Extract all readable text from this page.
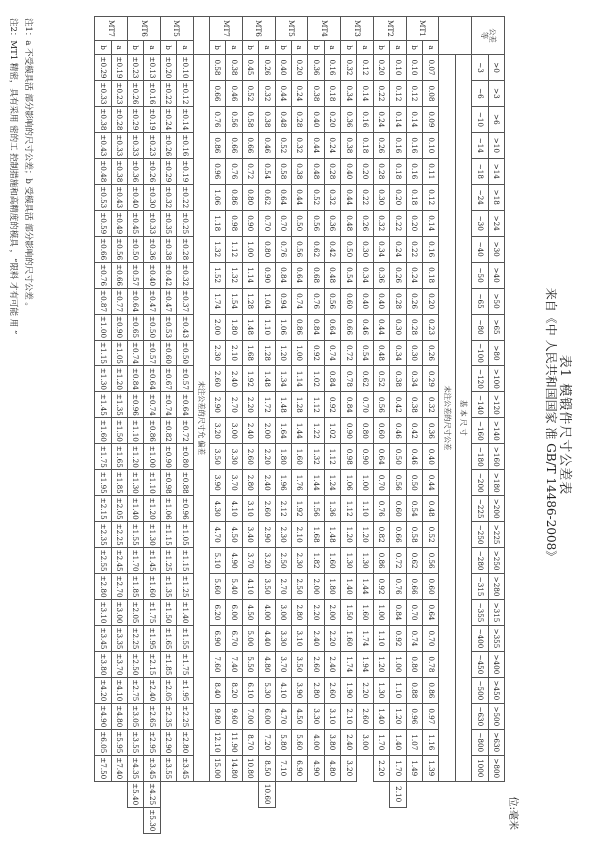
表1 模锻件尺寸公差表
来自《中 人民共和国国家 准 GB/T 14486-2008》
位:毫米
公差
等		>0	>3	>6	>10	>14	>18	>24	>30	>40	>50	>65	>80	>100	>120	>140	>160	>180	>200	>225	>250	>280	>315	>355	>400	>450	>500	>630	>800		
		~3	~6	~10	~14	~18	~24	~30	~40	~50	~65	~80	~100	~120	~140	~160	~180	~200	~225	~250	~280	~315	~355	~400	~450	~500	~630	~800	1000		
		基 本 尺 寸																													
		未注公差的尺寸公差																													
MT1	a	0.07	0.08	0.09	0.10	0.11	0.12	0.14	0.16	0.18	0.20	0.23	0.26	0.29	0.32	0.36	0.40	0.44	0.48	0.52	0.56	0.60	0.64	0.70	0.78	0.86	0.97	1.16	1.39		
	b	0.10	0.12	0.14	0.16	0.16	0.18	0.20	0.22	0.24	0.26	0.28	0.30	0.34	0.38	0.42	0.46	0.50	0.54	0.58	0.62	0.66	0.70	0.74	0.80	0.88	0.96	1.07	1.49		
MT2	a	0.10	0.12	0.14	0.16	0.18	0.20	0.22	0.24	0.26	0.28	0.30	0.34	0.38	0.42	0.46	0.50	0.56	0.60	0.66	0.72	0.76	0.84	0.92	1.00	1.10	1.20	1.40	1.70	2.10	
	b	0.20	0.22	0.24	0.26	0.28	0.30	0.32	0.34	0.36	0.40	0.44	0.48	0.52	0.56	0.60	0.64	0.70	0.76	0.82	0.86	0.92	1.00	1.10	1.20	1.30	1.40	1.70	2.20		
MT3	a	0.12	0.14	0.16	0.18	0.20	0.22	0.26	0.30	0.34	0.40	0.46	0.54	0.62	0.70	0.80	0.90	1.00	1.10	1.20	1.30	1.44	1.60	1.74	1.94	2.20	2.60	3.00			
	b	0.32	0.34	0.36	0.38	0.40	0.44	0.48	0.50	0.54	0.60	0.66	0.72	0.78	0.84	0.90	0.98	1.06	1.12	1.20	1.30	1.40	1.50	1.60	1.74	1.90	2.10	2.40	3.20		
MT4	a	0.16	0.18	0.20	0.24	0.28	0.32	0.36	0.42	0.48	0.56	0.64	0.74	0.84	0.92	1.02	1.12	1.24	1.36	1.48	1.60	1.80	2.00	2.20	2.40	2.60	3.10	3.80	4.80		
	b	0.36	0.38	0.40	0.44	0.48	0.52	0.56	0.62	0.68	0.76	0.84	0.92	1.02	1.12	1.22	1.32	1.44	1.56	1.68	1.82	2.00	2.20	2.40	2.60	2.80	3.30	4.00	4.90		
MT5	a	0.20	0.24	0.28	0.32	0.38	0.44	0.50	0.56	0.64	0.74	0.86	1.00	1.14	1.28	1.44	1.60	1.76	1.92	2.10	2.30	2.50	2.80	3.10	3.50	3.90	4.50	5.60	6.90		
	b	0.40	0.44	0.48	0.52	0.58	0.64	0.70	0.76	0.84	0.94	1.06	1.20	1.34	1.48	1.64	1.80	1.96	2.12	2.30	2.50	2.70	3.00	3.30	3.70	4.10	4.70	5.80	7.10		
MT6	a	0.26	0.32	0.38	0.46	0.54	0.62	0.70	0.80	0.90	1.04	1.10	1.28	1.48	1.72	2.00	2.20	2.40	2.60	2.90	3.20	3.50	4.00	4.40	4.80	5.30	6.00	7.20	8.50	10.60	
	b	0.45	0.52	0.58	0.66	0.72	0.80	0.90	1.00	1.14	1.28	1.48	1.68	1.92	2.20	2.40	2.60	2.80	3.10	3.40	3.70	4.10	4.50	5.00	5.50	6.10	7.00	8.70	10.80		
MT7	a	0.38	0.46	0.56	0.66	0.76	0.86	0.98	1.12	1.32	1.54	1.80	2.10	2.40	2.70	3.00	3.30	3.70	4.10	4.50	4.90	5.40	6.00	6.70	7.40	8.20	9.60	11.90	14.80		
	b	0.58	0.66	0.76	0.86	0.96	1.06	1.18	1.32	1.52	1.74	2.00	2.30	2.60	2.90	3.20	3.50	3.90	4.30	4.70	5.10	5.60	6.20	6.90	7.60	8.40	9.80	12.10	15.00		
		未注公差的尺寸允 偏差																													
MT5	a	±0.10	±0.12	±0.14	±0.16	±0.19	±0.22	±0.25	±0.28	±0.32	±0.37	±0.43	±0.50	±0.57	±0.64	±0.72	±0.80	±0.88	±0.96	±1.05	±1.15	±1.25	±1.40	±1.55	±1.75	±1.95	±2.25	±2.80	±3.45		
	b	±0.20	±0.22	±0.24	±0.26	±0.29	±0.32	±0.35	±0.38	±0.42	±0.47	±0.53	±0.60	±0.67	±0.74	±0.82	±0.90	±0.98	±1.06	±1.15	±1.25	±1.35	±1.50	±1.65	±1.85	±2.05	±2.35	±2.90	±3.55		
MT6	a	±0.13	±0.16	±0.19	±0.23	±0.26	±0.30	±0.33	±0.36	±0.40	±0.47	±0.50	±0.57	±0.64	±0.74	±0.86	±1.00	±1.10	±1.20	±1.30	±1.45	±1.60	±1.75	±1.95	±2.15	±2.40	±2.65	±2.95	±3.45	±4.25	±5.30
	b	±0.23	±0.26	±0.29	±0.33	±0.36	±0.40	±0.45	±0.50	±0.57	±0.64	±0.65	±0.74	±0.84	±0.96	±1.10	±1.20	±1.30	±1.40	±1.55	±1.70	±1.85	±2.05	±2.25	±2.50	±2.75	±3.05	±3.55	±4.35	±5.40	
MT7	a	±0.19	±0.23	±0.28	±0.33	±0.38	±0.43	±0.49	±0.56	±0.66	±0.77	±0.90	±1.05	±1.20	±1.35	±1.50	±1.65	±1.85	±2.05	±2.25	±2.45	±2.70	±3.00	±3.35	±3.70	±4.10	±4.80	±5.95	±7.40		
	b	±0.29	±0.33	±0.38	±0.43	±0.48	±0.53	±0.59	±0.66	±0.76	±0.87	±1.00	±1.15	±1.30	±1.45	±1.60	±1.75	±1.95	±2.15	±2.35	±2.55	±2.80	±3.10	±3.45	±3.80	±4.20	±4.90	±6.05	±7.50		
注1：a 不受模具活 部分影响的尺寸公差；b 受模具活 部分影响的尺寸公差 。
注2：MT1 精密，具有采用 密的工 控制措施和高精度的模具 ，“限料 才有可能 用 ”
